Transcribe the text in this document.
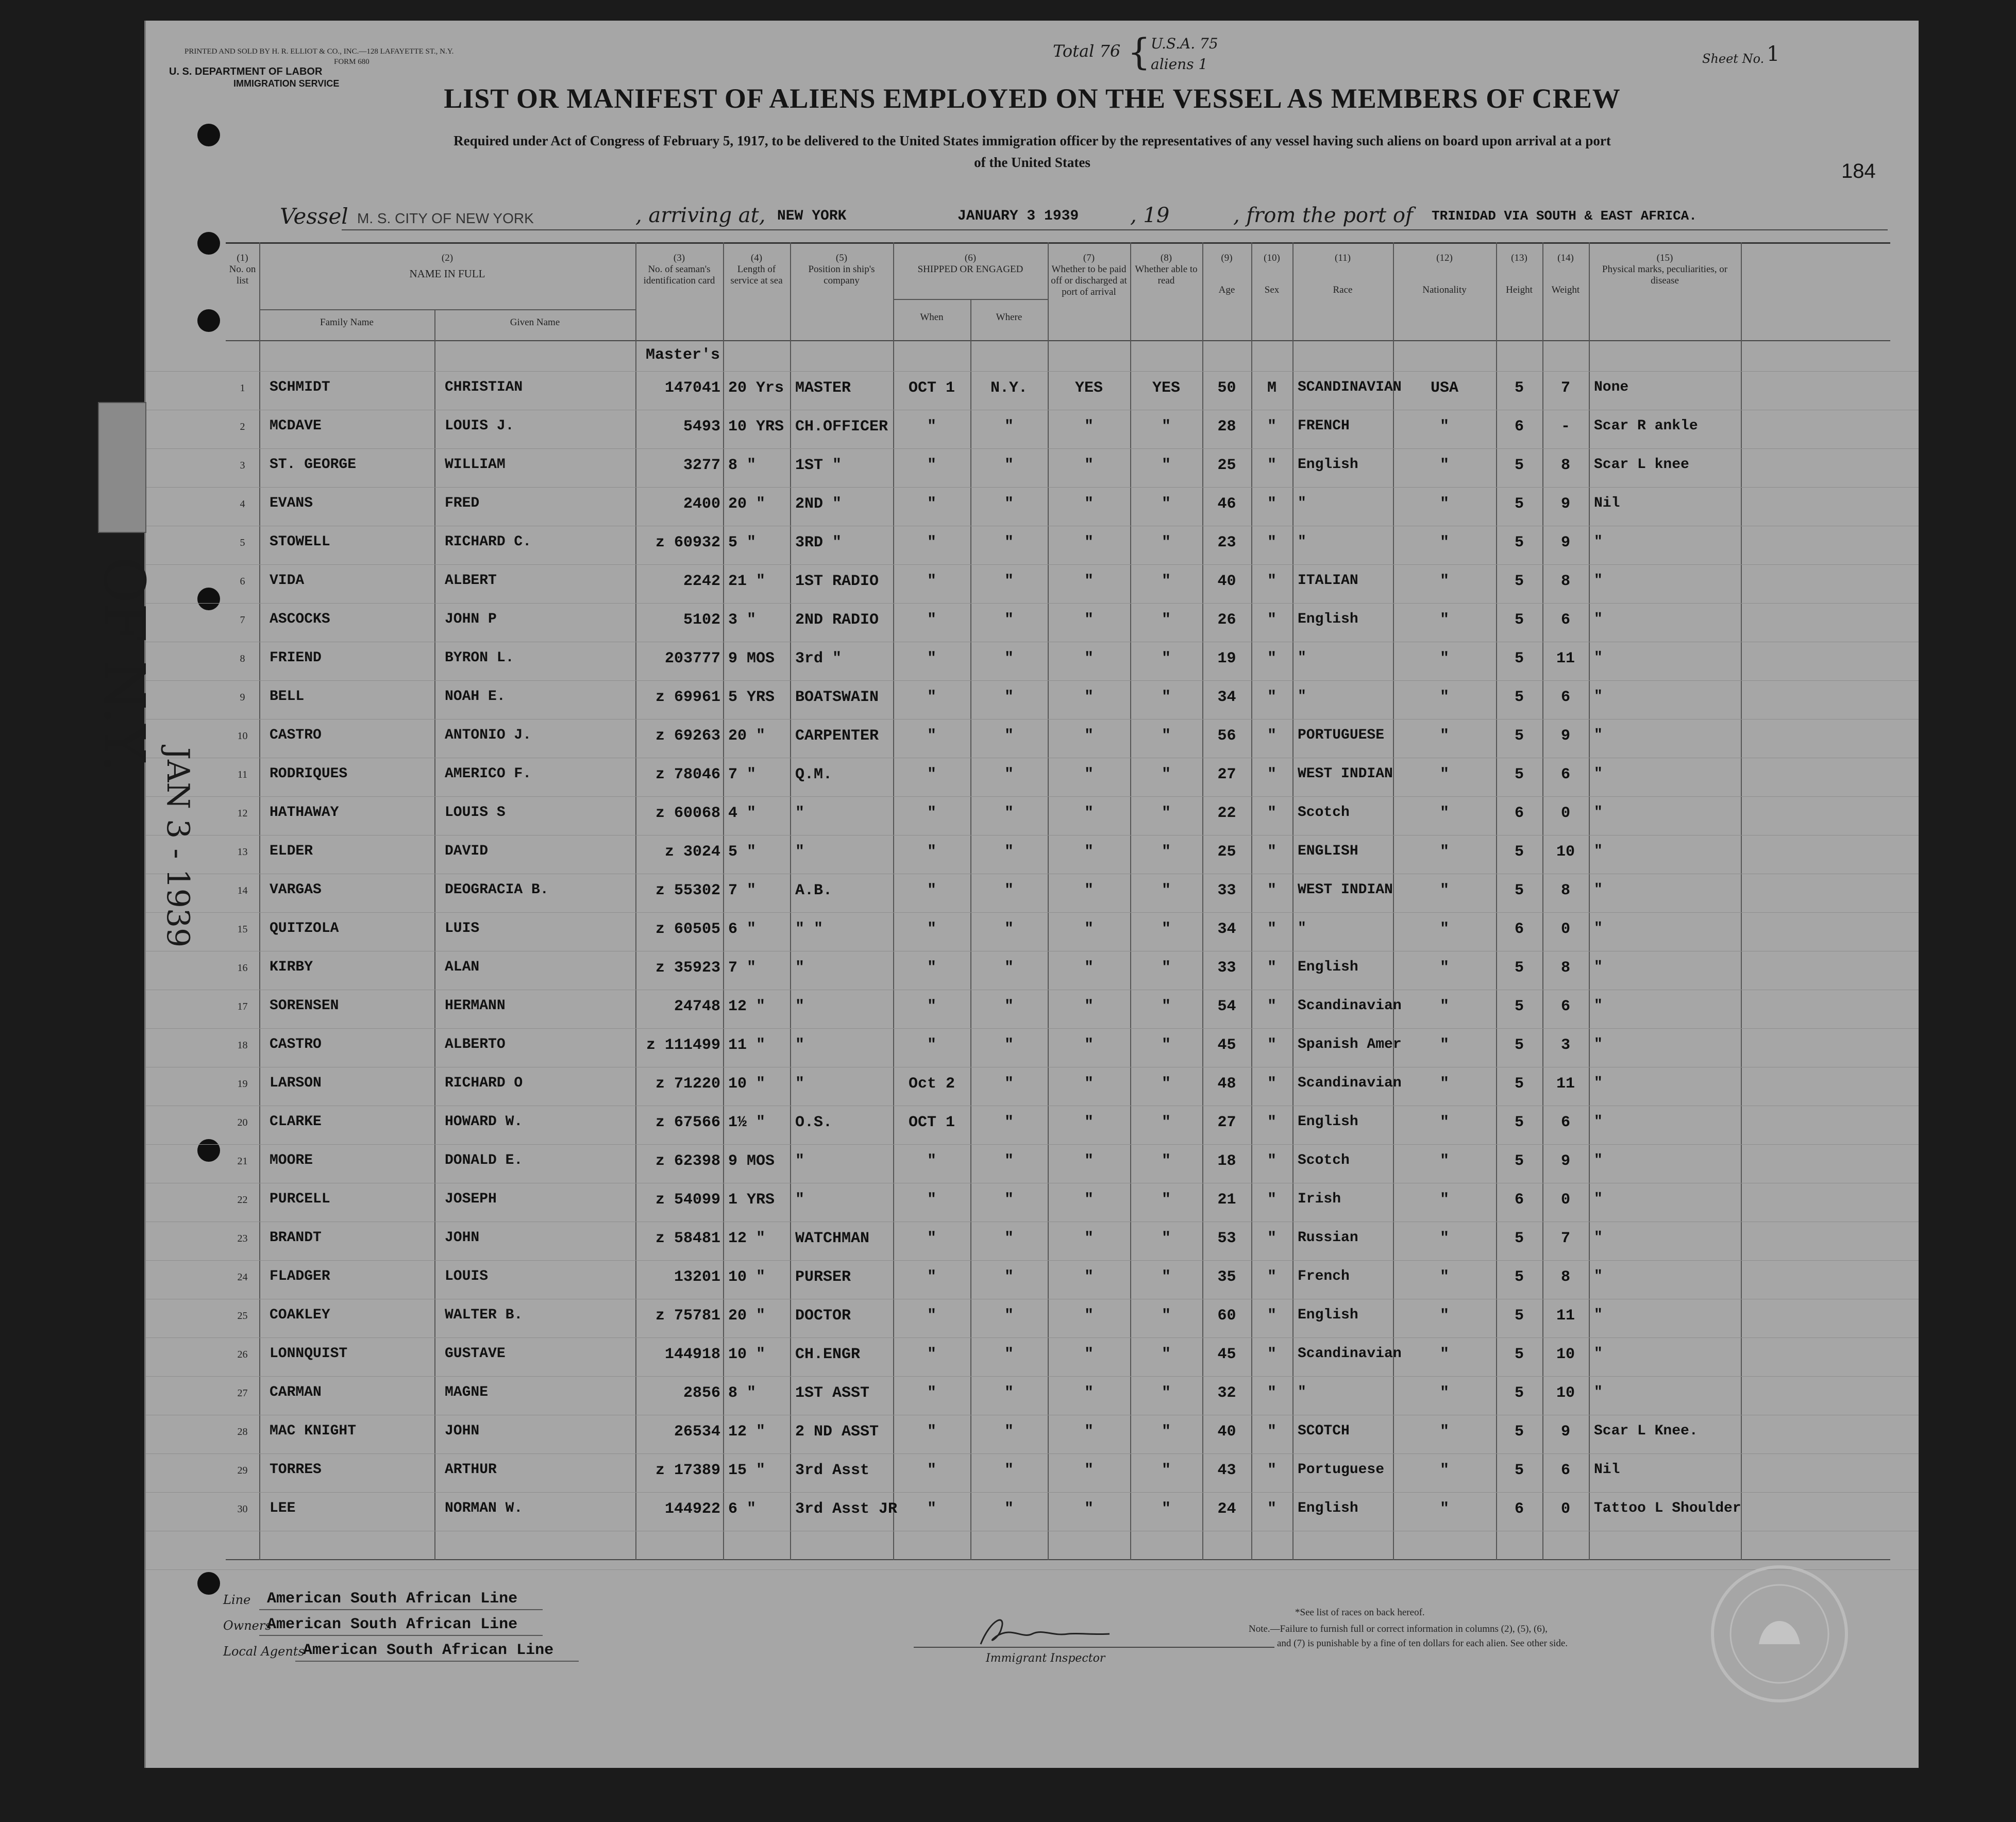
PRINTED AND SOLD BY H. R. ELLIOT & CO., INC.—128 LAFAYETTE ST., N.Y.
FORM 680
U. S. DEPARTMENT OF LABOR
IMMIGRATION SERVICE
Total 76 { U.S.A. 75
aliens 1	Sheet No. 1
184
LIST OR MANIFEST OF ALIENS EMPLOYED ON THE VESSEL AS MEMBERS OF CREW
Required under Act of Congress of February 5, 1917, to be delivered to the United States immigration officer by the representatives of any vessel having such aliens on board upon arrival at a port
of the United States
Vessel M. S. CITY OF NEW YORK	, arriving at, NEW YORK	JANUARY 3 1939 , 19	, from the port of TRINIDAD VIA SOUTH & EAST AFRICA.
(1)
No. on list
(2)
NAME IN FULL
Family Name	Given Name
(3)
No. of seaman's identification card
(4)
Length of service at sea
(5)
Position in ship's company
(6)
SHIPPED OR ENGAGED
When	Where
(7)
Whether to be paid off or discharged at port of arrival
(8)
Whether able to read
(9)
Age
(10)
Sex
(11)
Race
(12)
Nationality
(13)
Height
(14)
Weight
(15)
Physical marks, peculiarities, or disease
Master's
1	SCHMIDT	CHRISTIAN	147041 20 Yrs MASTER	OCT 1	N.Y.	YES	YES	50	M	SCANDINAVIAN	USA	5	7	None
2	MCDAVE	LOUIS J.	5493 10 YRS CH.OFFICER	"	"	"	"	28	"	FRENCH	"	6	-	Scar R ankle
3	ST. GEORGE	WILLIAM	3277 8 "	1ST "	"	"	"	"	25	"	English	"	5	8	Scar L knee
4	EVANS	FRED	2400 20 "	2ND "	"	"	"	"	46	"	"	"	5	9	Nil
5	STOWELL	RICHARD C.	z 60932 5 "	3RD "	"	"	"	"	23	"	"	"	5	9	"
6	VIDA	ALBERT	2242 21 "	1ST RADIO	"	"	"	"	40	"	ITALIAN	"	5	8	"
7	ASCOCKS	JOHN P	5102 3 "	2ND RADIO	"	"	"	"	26	"	English	"	5	6	"
8	FRIEND	BYRON L.	203777 9 MOS	3rd "	"	"	"	"	19	"	"	"	5	11	"
9	BELL	NOAH E.	z 69961 5 YRS	BOATSWAIN	"	"	"	"	34	"	"	"	5	6	"
10	CASTRO	ANTONIO J.	z 69263 20 "	CARPENTER	"	"	"	"	56	"	PORTUGUESE	"	5	9	"
11	RODRIQUES	AMERICO F.	z 78046 7 "	Q.M.	"	"	"	"	27	"	WEST INDIAN	"	5	6	"
12	HATHAWAY	LOUIS S	z 60068 4 "	"	"	"	"	"	22	"	Scotch	"	6	0	"
13	ELDER	DAVID	z 3024 5 "	"	"	"	"	"	25	"	ENGLISH	"	5	10	"
14	VARGAS	DEOGRACIA B.	z 55302 7 "	A.B.	"	"	"	"	33	"	WEST INDIAN	"	5	8	"
15	QUITZOLA	LUIS	z 60505 6 "	" "	"	"	"	"	34	"	"	"	6	0	"
16	KIRBY	ALAN	z 35923 7 "	"	"	"	"	"	33	"	English	"	5	8	"
17	SORENSEN	HERMANN	24748 12 "	"	"	"	"	"	54	"	Scandinavian	"	5	6	"
18	CASTRO	ALBERTO	z 111499 11 "	"	"	"	"	"	45	"	Spanish Amer	"	5	3	"
19	LARSON	RICHARD O	z 71220 10 "	"	Oct 2	"	"	"	48	"	Scandinavian	"	5	11	"
20	CLARKE	HOWARD W.	z 67566 1½ "	O.S.	OCT 1	"	"	"	27	"	English	"	5	6	"
21	MOORE	DONALD E.	z 62398 9 MOS	"	"	"	"	"	18	"	Scotch	"	5	9	"
22	PURCELL	JOSEPH	z 54099 1 YRS	"	"	"	"	"	21	"	Irish	"	6	0	"
23	BRANDT	JOHN	z 58481 12 "	WATCHMAN	"	"	"	"	53	"	Russian	"	5	7	"
24	FLADGER	LOUIS	13201 10 "	PURSER	"	"	"	"	35	"	French	"	5	8	"
25	COAKLEY	WALTER B.	z 75781 20 "	DOCTOR	"	"	"	"	60	"	English	"	5	11	"
26	LONNQUIST	GUSTAVE	144918 10 "	CH.ENGR	"	"	"	"	45	"	Scandinavian	"	5	10	"
27	CARMAN	MAGNE	2856 8 "	1ST ASST	"	"	"	"	32	"	"	"	5	10	"
28	MAC KNIGHT	JOHN	26534 12 "	2 ND ASST	"	"	"	"	40	"	SCOTCH	"	5	9	Scar L Knee.
29	TORRES	ARTHUR	z 17389 15 "	3rd Asst	"	"	"	"	43	"	Portuguese	"	5	6	Nil
30	LEE	NORMAN W.	144922 6 "	3rd Asst JR	"	"	"	"	24	"	English	"	6	0	Tattoo L Shoulder
Line American South African Line
Owners
American South African Line
Local Agents
American South African Line	Immigrant Inspector
*See list of races on back hereof.
Note.—Failure to furnish full or correct information in columns (2), (5), (6),
and (7) is punishable by a fine of ten dollars for each alien. See other side.
OF N.Y.
JAN 3 - 1939
